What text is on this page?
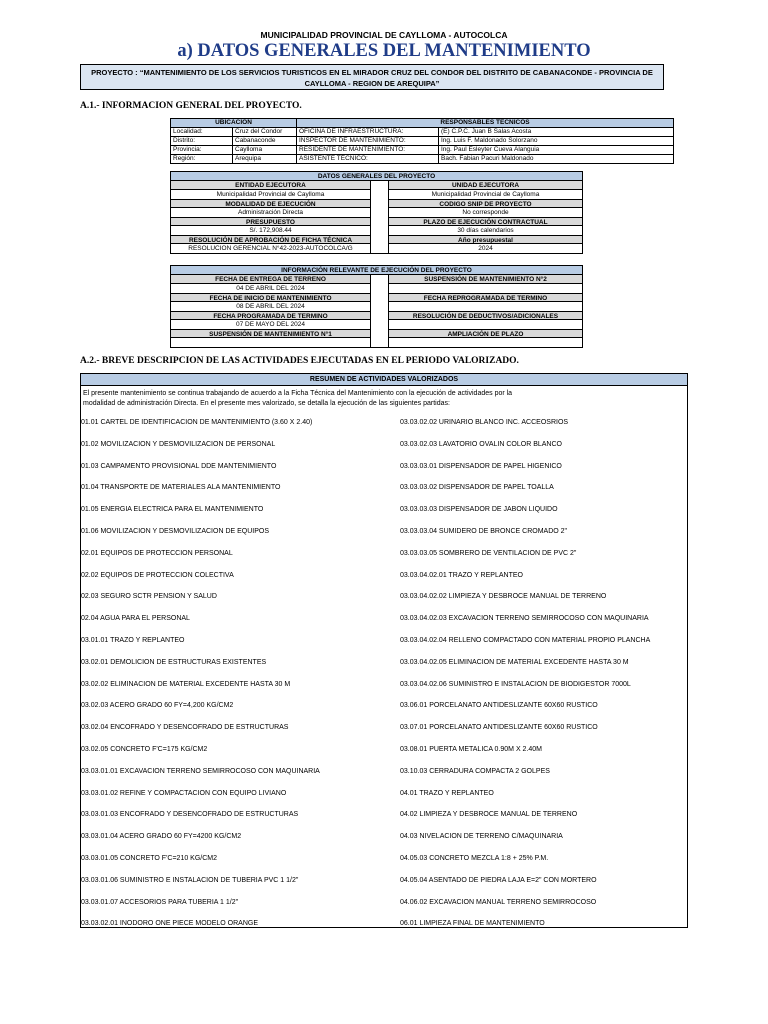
MUNICIPALIDAD PROVINCIAL DE CAYLLOMA - AUTOCOLCA
a) DATOS GENERALES DEL MANTENIMIENTO
PROYECTO : “MANTENIMIENTO DE LOS SERVICIOS TURISTICOS EN EL MIRADOR CRUZ DEL CONDOR DEL DISTRITO DE CABANACONDE - PROVINCIA DE
CAYLLOMA - REGION DE AREQUIPA”
A.1.- INFORMACION GENERAL DEL PROYECTO.
UBICACIÓN		RESPONSABLES TECNICOS	
Localidad:	Cruz del Condor	OFICINA DE INFRAESTRUCTURA:	(E) C.P.C. Juan B Salas Acosta
Distrito:	Cabanaconde	INSPECTOR DE MANTENIMIENTO:	Ing. Luis F. Maldonado Solorzano
Provincia:	Caylloma	RESIDENTE DE MANTENIMIENTO:	Ing. Paul Esleyter Cueva Alanguia
Región:	Arequipa	ASISTENTE TÉCNICO:	Bach. Fabian Pacuri Maldonado
DATOS GENERALES DEL PROYECTO
ENTIDAD EJECUTORA	UNIDAD EJECUTORA
Municipalidad Provincial de Caylloma	Municipalidad Provincial de Caylloma
MODALIDAD DE EJECUCIÓN	CODIGO SNIP DE PROYECTO
Administración Directa	No corresponde
PRESUPUESTO	PLAZO DE EJECUCIÓN CONTRACTUAL
S/. 172,908.44	30 días calendarios
RESOLUCIÓN DE APROBACIÓN DE FICHA TÉCNICA	Año presupuestal
RESOLUCION GERENCIAL N°42-2023-AUTOCOLCA/G	2024
INFORMACIÓN RELEVANTE DE EJECUCIÓN DEL PROYECTO
FECHA DE ENTREGA DE TERRENO	SUSPENSIÓN DE MANTENIMIENTO N°2
04 DE ABRIL DEL 2024
FECHA DE INICIO DE MANTENIMIENTO	FECHA REPROGRAMADA DE TERMINO
08 DE ABRIL DEL 2024
FECHA PROGRAMADA DE TERMINO	RESOLUCIÓN DE DEDUCTIVOS/ADICIONALES
07 DE MAYO DEL 2024
SUSPENSIÓN DE MANTENIMIENTO N°1	AMPLIACIÓN DE PLAZO
A.2.- BREVE DESCRIPCION DE LAS ACTIVIDADES EJECUTADAS EN EL PERIODO VALORIZADO.
RESUMEN DE ACTIVIDADES VALORIZADOS
El presente mantenimiento se continua trabajando de acuerdo a la Ficha Técnica del Mantenimiento con la ejecución de actividades por la
modalidad de administración Directa. En el presente mes valorizado, se detalla la ejecución de las siguientes partidas:
01.01 CARTEL DE IDENTIFICACION DE MANTENIMIENTO (3.60 X 2.40)
01.02 MOVILIZACION Y DESMOVILIZACION DE PERSONAL
01.03 CAMPAMENTO PROVISIONAL DDE MANTENIMIENTO
01.04 TRANSPORTE DE MATERIALES ALA MANTENIMIENTO
01.05 ENERGIA ELECTRICA PARA EL MANTENIMIENTO
01.06 MOVILIZACION Y DESMOVILIZACION DE EQUIPOS
02.01 EQUIPOS DE PROTECCION PERSONAL
02.02 EQUIPOS DE PROTECCION COLECTIVA
02.03 SEGURO SCTR PENSION Y SALUD
02.04 AGUA PARA EL PERSONAL
03.01.01 TRAZO Y REPLANTEO
03.02.01 DEMOLICION DE ESTRUCTURAS EXISTENTES
03.02.02 ELIMINACION DE MATERIAL EXCEDENTE HASTA 30 M
03.02.03 ACERO GRADO 60 FY=4,200 KG/CM2
03.02.04 ENCOFRADO Y DESENCOFRADO DE ESTRUCTURAS
03.02.05 CONCRETO F'C=175 KG/CM2
03.03.01.01 EXCAVACION TERRENO SEMIRROCOSO CON MAQUINARIA
03.03.01.02 REFINE Y COMPACTACION CON EQUIPO LIVIANO
03.03.01.03 ENCOFRADO Y DESENCOFRADO DE ESTRUCTURAS
03.03.01.04 ACERO GRADO 60 FY=4200 KG/CM2
03.03.01.05 CONCRETO F'C=210 KG/CM2
03.03.01.06 SUMINISTRO E INSTALACION DE TUBERIA PVC 1 1/2"
03.03.01.07 ACCESORIOS PARA TUBERIA 1 1/2"
03.03.02.01 INODORO ONE PIECE MODELO ORANGE
03.03.02.02 URINARIO BLANCO INC. ACCEOSRIOS
03.03.02.03 LAVATORIO OVALIN COLOR BLANCO
03.03.03.01 DISPENSADOR DE PAPEL HIGENICO
03.03.03.02 DISPENSADOR DE PAPEL TOALLA
03.03.03.03 DISPENSADOR DE JABON LIQUIDO
03.03.03.04 SUMIDERO DE BRONCE CROMADO 2"
03.03.03.05 SOMBRERO DE VENTILACION DE PVC 2"
03.03.04.02.01 TRAZO Y REPLANTEO
03.03.04.02.02 LIMPIEZA Y DESBROCE MANUAL DE TERRENO
03.03.04.02.03 EXCAVACION TERRENO SEMIRROCOSO CON MAQUINARIA
03.03.04.02.04 RELLENO COMPACTADO CON MATERIAL PROPIO PLANCHA
03.03.04.02.05 ELIMINACION DE MATERIAL EXCEDENTE HASTA 30 M
03.03.04.02.06 SUMINISTRO E INSTALACION DE BIODIGESTOR 7000L
03.06.01 PORCELANATO ANTIDESLIZANTE 60X60 RUSTICO
03.07.01 PORCELANATO ANTIDESLIZANTE 60X60 RUSTICO
03.08.01 PUERTA METALICA 0.90M X 2.40M
03.10.03 CERRADURA COMPACTA 2 GOLPES
04.01 TRAZO Y REPLANTEO
04.02 LIMPIEZA Y DESBROCE MANUAL DE TERRENO
04.03 NIVELACION DE TERRENO C/MAQUINARIA
04.05.03 CONCRETO MEZCLA 1:8 + 25% P.M.
04.05.04 ASENTADO DE PIEDRA LAJA E=2" CON MORTERO
04.06.02 EXCAVACION MANUAL TERRENO SEMIRROCOSO
06.01 LIMPIEZA FINAL DE MANTENIMIENTO
